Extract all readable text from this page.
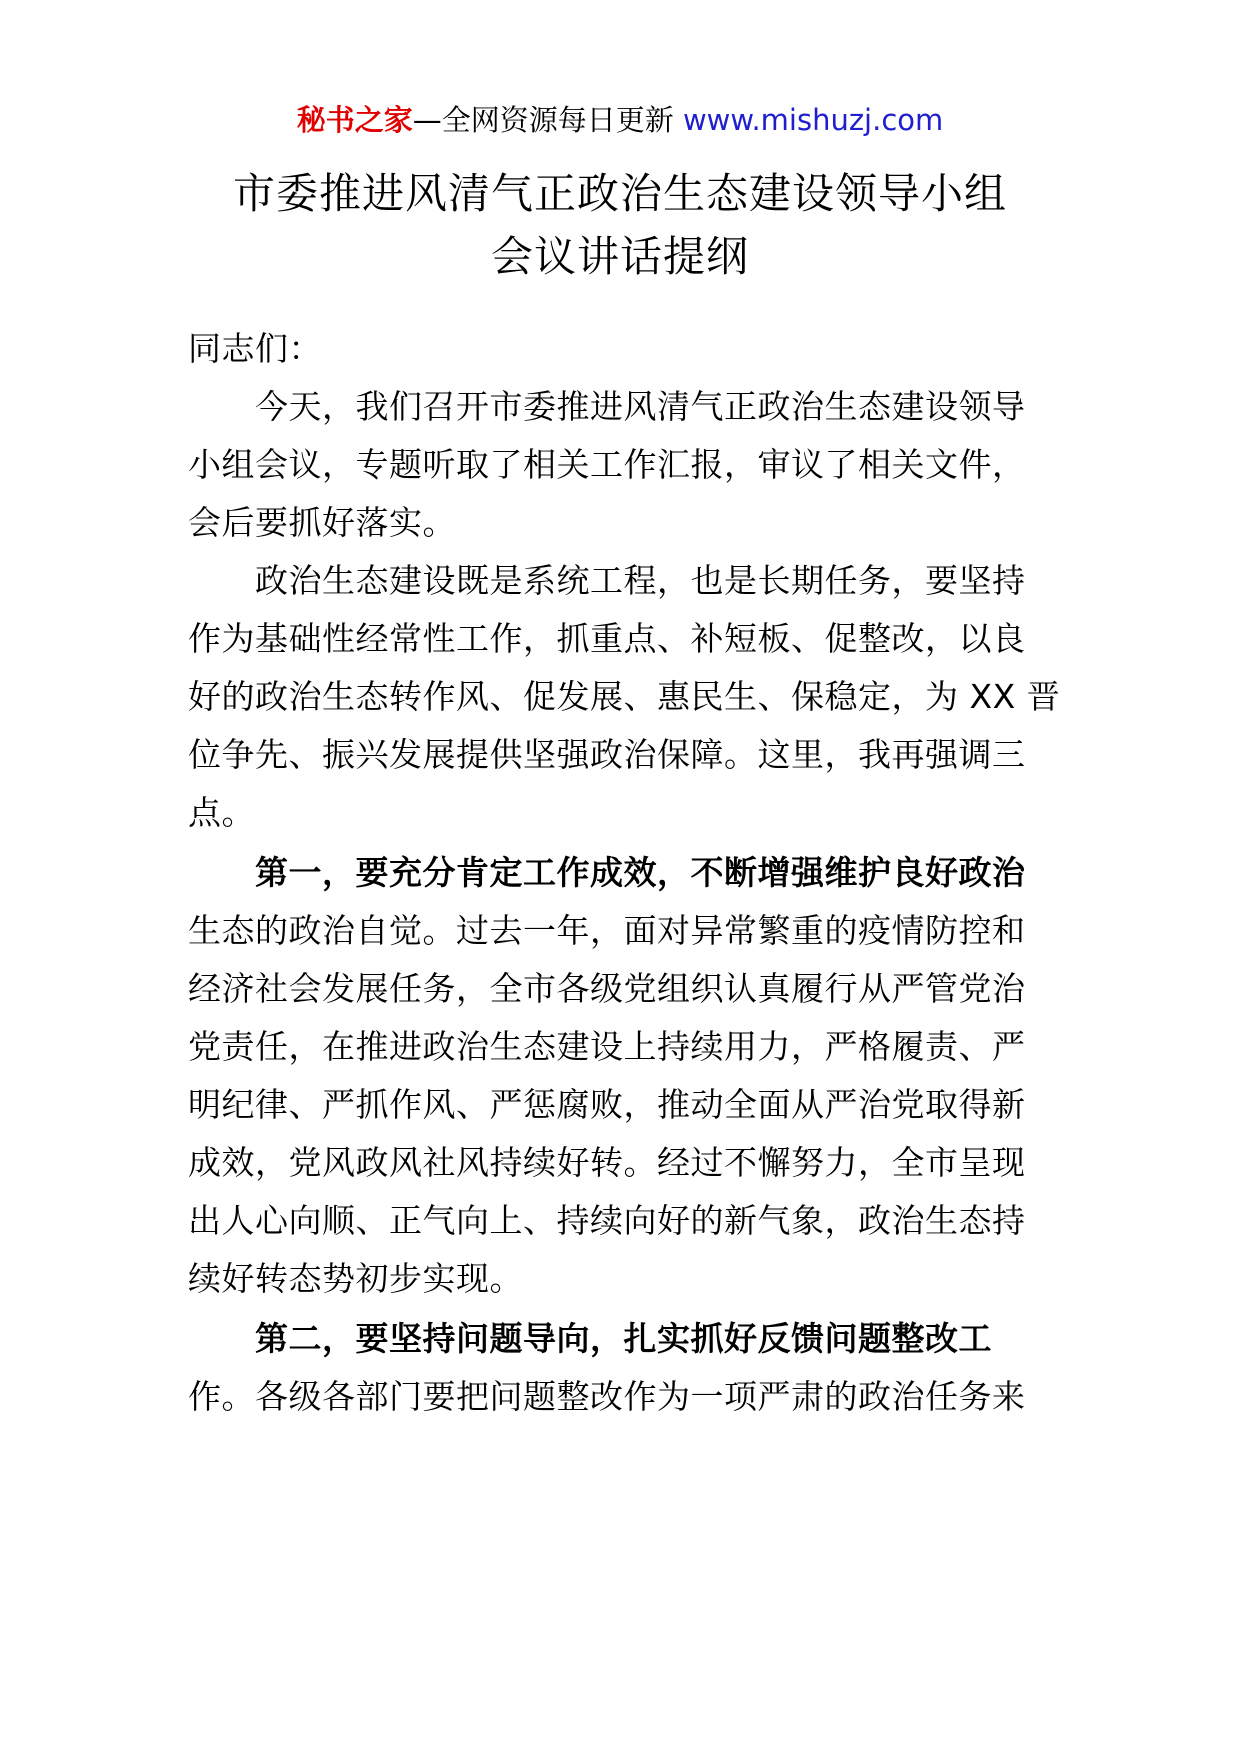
秘书之家—全网资源每日更新 www.mishuzj.com
市委推进风清气正政治生态建设领导小组
会议讲话提纲
同志们：
　　今天，我们召开市委推进风清气正政治生态建设领导
小组会议，专题听取了相关工作汇报，审议了相关文件，
会后要抓好落实。
　　政治生态建设既是系统工程，也是长期任务，要坚持
作为基础性经常性工作，抓重点、补短板、促整改，以良
好的政治生态转作风、促发展、惠民生、保稳定，为 XX 晋
位争先、振兴发展提供坚强政治保障。这里，我再强调三
点。
　　第一，要充分肯定工作成效，不断增强维护良好政治
生态的政治自觉。过去一年，面对异常繁重的疫情防控和
经济社会发展任务，全市各级党组织认真履行从严管党治
党责任，在推进政治生态建设上持续用力，严格履责、严
明纪律、严抓作风、严惩腐败，推动全面从严治党取得新
成效，党风政风社风持续好转。经过不懈努力，全市呈现
出人心向顺、正气向上、持续向好的新气象，政治生态持
续好转态势初步实现。
　　第二，要坚持问题导向，扎实抓好反馈问题整改工
作。各级各部门要把问题整改作为一项严肃的政治任务来
